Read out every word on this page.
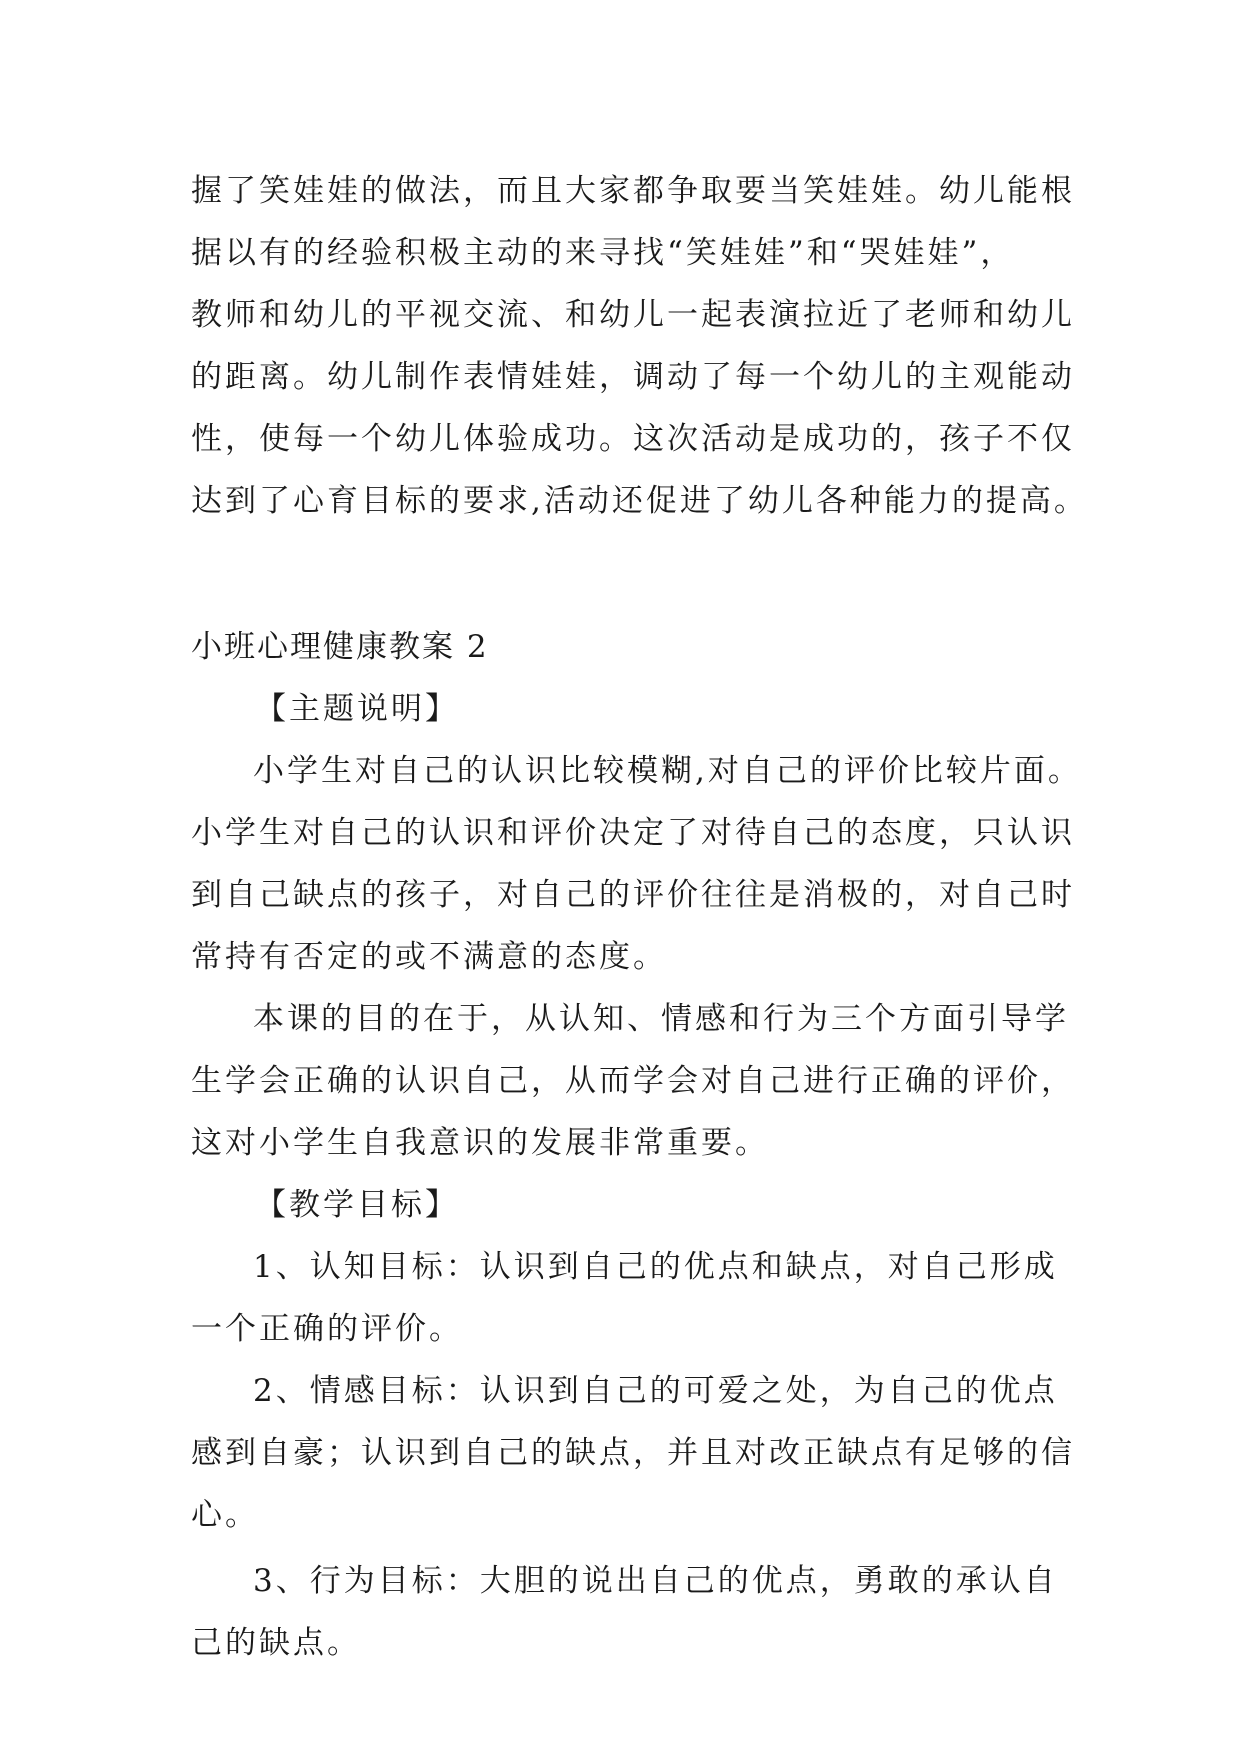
握了笑娃娃的做法，而且大家都争取要当笑娃娃。幼儿能根
据以有的经验积极主动的来寻找“笑娃娃”和“哭娃娃”，
教师和幼儿的平视交流、和幼儿一起表演拉近了老师和幼儿
的距离。幼儿制作表情娃娃，调动了每一个幼儿的主观能动
性，使每一个幼儿体验成功。这次活动是成功的，孩子不仅
达到了心育目标的要求,活动还促进了幼儿各种能力的提高。
小班心理健康教案 2
【主题说明】
小学生对自己的认识比较模糊,对自己的评价比较片面。
小学生对自己的认识和评价决定了对待自己的态度，只认识
到自己缺点的孩子，对自己的评价往往是消极的，对自己时
常持有否定的或不满意的态度。
本课的目的在于，从认知、情感和行为三个方面引导学
生学会正确的认识自己，从而学会对自己进行正确的评价，
这对小学生自我意识的发展非常重要。
【教学目标】
1、认知目标：认识到自己的优点和缺点，对自己形成
一个正确的评价。
2、情感目标：认识到自己的可爱之处，为自己的优点
感到自豪；认识到自己的缺点，并且对改正缺点有足够的信
心。
3、行为目标：大胆的说出自己的优点，勇敢的承认自
己的缺点。
